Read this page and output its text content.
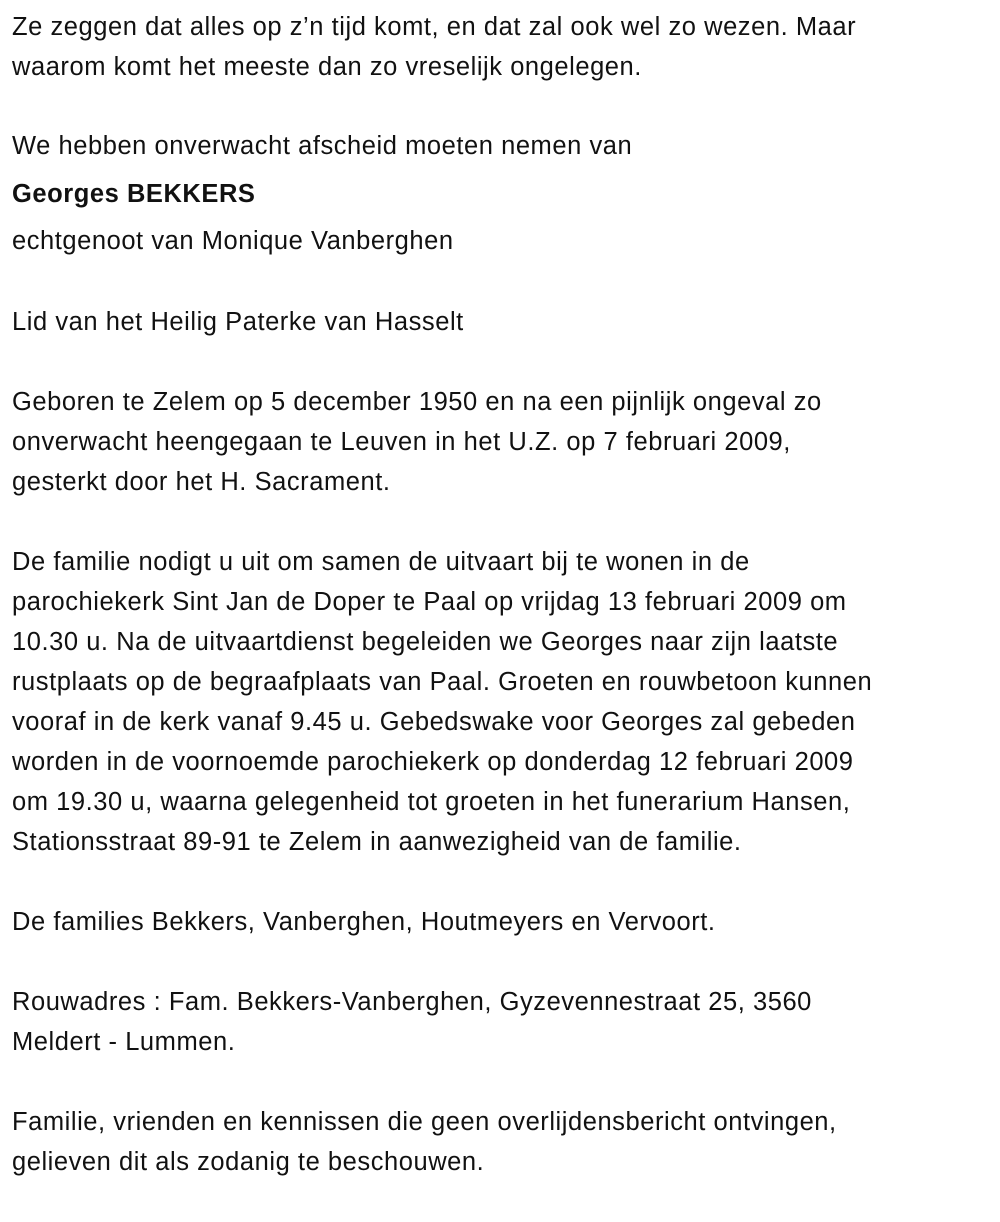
Ze zeggen dat alles op z’n tijd komt, en dat zal ook wel zo wezen. Maar
waarom komt het meeste dan zo vreselijk ongelegen.
We hebben onverwacht afscheid moeten nemen van
Georges BEKKERS
echtgenoot van Monique Vanberghen
Lid van het Heilig Paterke van Hasselt
Geboren te Zelem op 5 december 1950 en na een pijnlijk ongeval zo
onverwacht heengegaan te Leuven in het U.Z. op 7 februari 2009,
gesterkt door het H. Sacrament.
De familie nodigt u uit om samen de uitvaart bij te wonen in de
parochiekerk Sint Jan de Doper te Paal op vrijdag 13 februari 2009 om
10.30 u. Na de uitvaartdienst begeleiden we Georges naar zijn laatste
rustplaats op de begraafplaats van Paal. Groeten en rouwbetoon kunnen
vooraf in de kerk vanaf 9.45 u. Gebedswake voor Georges zal gebeden
worden in de voornoemde parochiekerk op donderdag 12 februari 2009
om 19.30 u, waarna gelegenheid tot groeten in het funerarium Hansen,
Stationsstraat 89-91 te Zelem in aanwezigheid van de familie.
De families Bekkers, Vanberghen, Houtmeyers en Vervoort.
Rouwadres : Fam. Bekkers-Vanberghen, Gyzevennestraat 25, 3560
Meldert - Lummen.
Familie, vrienden en kennissen die geen overlijdensbericht ontvingen,
gelieven dit als zodanig te beschouwen.
